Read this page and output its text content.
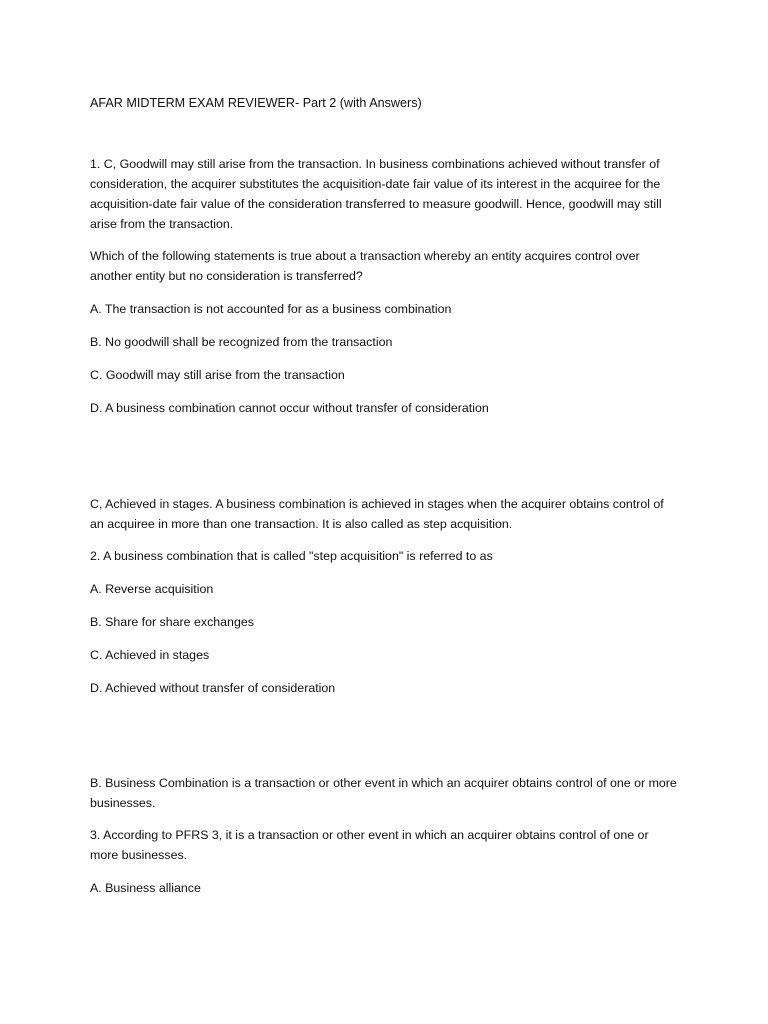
AFAR MIDTERM EXAM REVIEWER- Part 2 (with Answers)

1. C, Goodwill may still arise from the transaction. In business combinations achieved without transfer of consideration, the acquirer substitutes the acquisition-date fair value of its interest in the acquiree for the acquisition-date fair value of the consideration transferred to measure goodwill. Hence, goodwill may still arise from the transaction.

Which of the following statements is true about a transaction whereby an entity acquires control over another entity but no consideration is transferred?

A. The transaction is not accounted for as a business combination

B. No goodwill shall be recognized from the transaction

C. Goodwill may still arise from the transaction

D. A business combination cannot occur without transfer of consideration

C, Achieved in stages. A business combination is achieved in stages when the acquirer obtains control of an acquiree in more than one transaction. It is also called as step acquisition.

2. A business combination that is called "step acquisition" is referred to as

A. Reverse acquisition

B. Share for share exchanges

C. Achieved in stages

D. Achieved without transfer of consideration

B. Business Combination is a transaction or other event in which an acquirer obtains control of one or more businesses.

3. According to PFRS 3, it is a transaction or other event in which an acquirer obtains control of one or more businesses.

A. Business alliance
